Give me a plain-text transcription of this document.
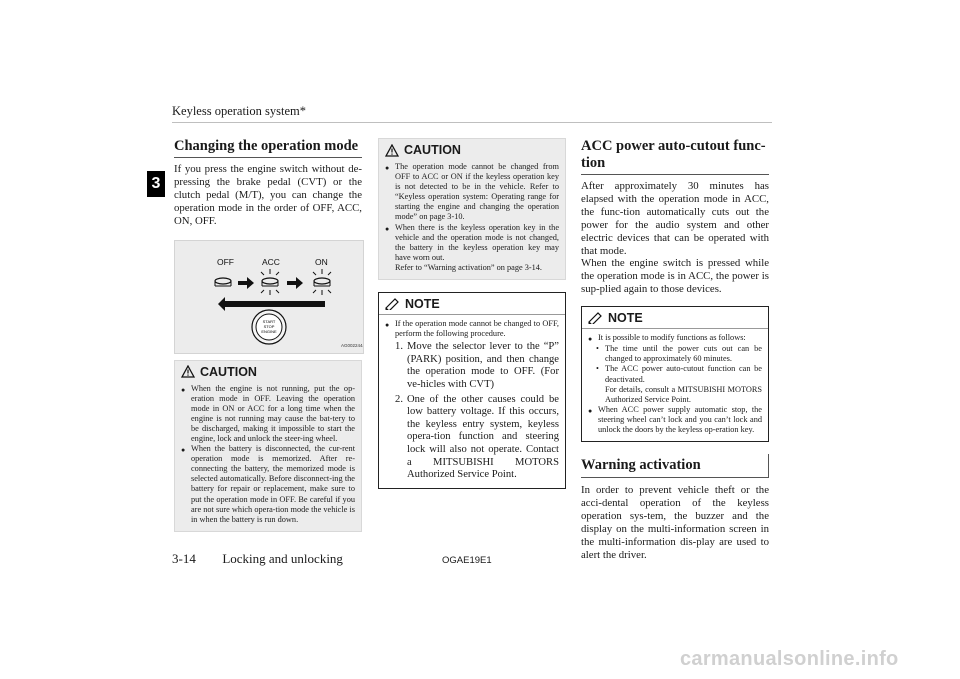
Keyless operation system*
3
Changing the operation mode

If you press the engine switch without de-pressing the brake pedal (CVT) or the clutch pedal (M/T), you can change the operation mode in the order of OFF, ACC, ON, OFF.

OFF	ACC	ON
START
STOP
ENGINE
AG0022444
CAUTION
● When the engine is not running, put the op-eration mode in OFF. Leaving the operation mode in ON or ACC for a long time when the engine is not running may cause the bat-tery to be discharged, making it impossible to start the engine, lock and unlock the steer-ing wheel.
● When the battery is disconnected, the cur-rent operation mode is memorized. After re-connecting the battery, the memorized mode is selected automatically. Before disconnect-ing the battery for repair or replacement, make sure to put the operation mode in OFF. Be careful if you are not sure which opera-tion mode the vehicle is in when the battery is run down.
CAUTION
● The operation mode cannot be changed from OFF to ACC or ON if the keyless operation key is not detected to be in the vehicle. Refer to “Keyless operation system: Operating range for starting the engine and changing the operation mode” on page 3-10.
● When there is the keyless operation key in the vehicle and the operation mode is not changed, the battery in the keyless operation key may have worn out.
Refer to “Warning activation” on page 3-14.
NOTE
● If the operation mode cannot be changed to OFF, perform the following procedure.
1. Move the selector lever to the “P” (PARK) position, and then change the operation mode to OFF. (For ve-hicles with CVT)
2. One of the other causes could be low battery voltage. If this occurs, the keyless entry system, keyless opera-tion function and steering lock will also not operate. Contact a MITSUBISHI MOTORS Authorized Service Point.
ACC power auto-cutout func-tion

After approximately 30 minutes has elapsed with the operation mode in ACC, the func-tion automatically cuts out the power for the audio system and other electric devices that can be operated with that mode.

When the engine switch is pressed while the operation mode is in ACC, the power is sup-plied again to those devices.

NOTE
● It is possible to modify functions as follows:
• The time until the power cuts out can be changed to approximately 60 minutes.
• The ACC power auto-cutout function can be deactivated.
For details, consult a MITSUBISHI MOTORS Authorized Service Point.
● When ACC power supply automatic stop, the steering wheel can’t lock and you can’t lock and unlock the doors by the keyless op-eration key.
Warning activation

In order to prevent vehicle theft or the acci-dental operation of the keyless operation sys-tem, the buzzer and the display on the multi-information screen in the multi-information dis-play are used to alert the driver.

3-14 Locking and unlocking	OGAE19E1
carmanualsonline.info
